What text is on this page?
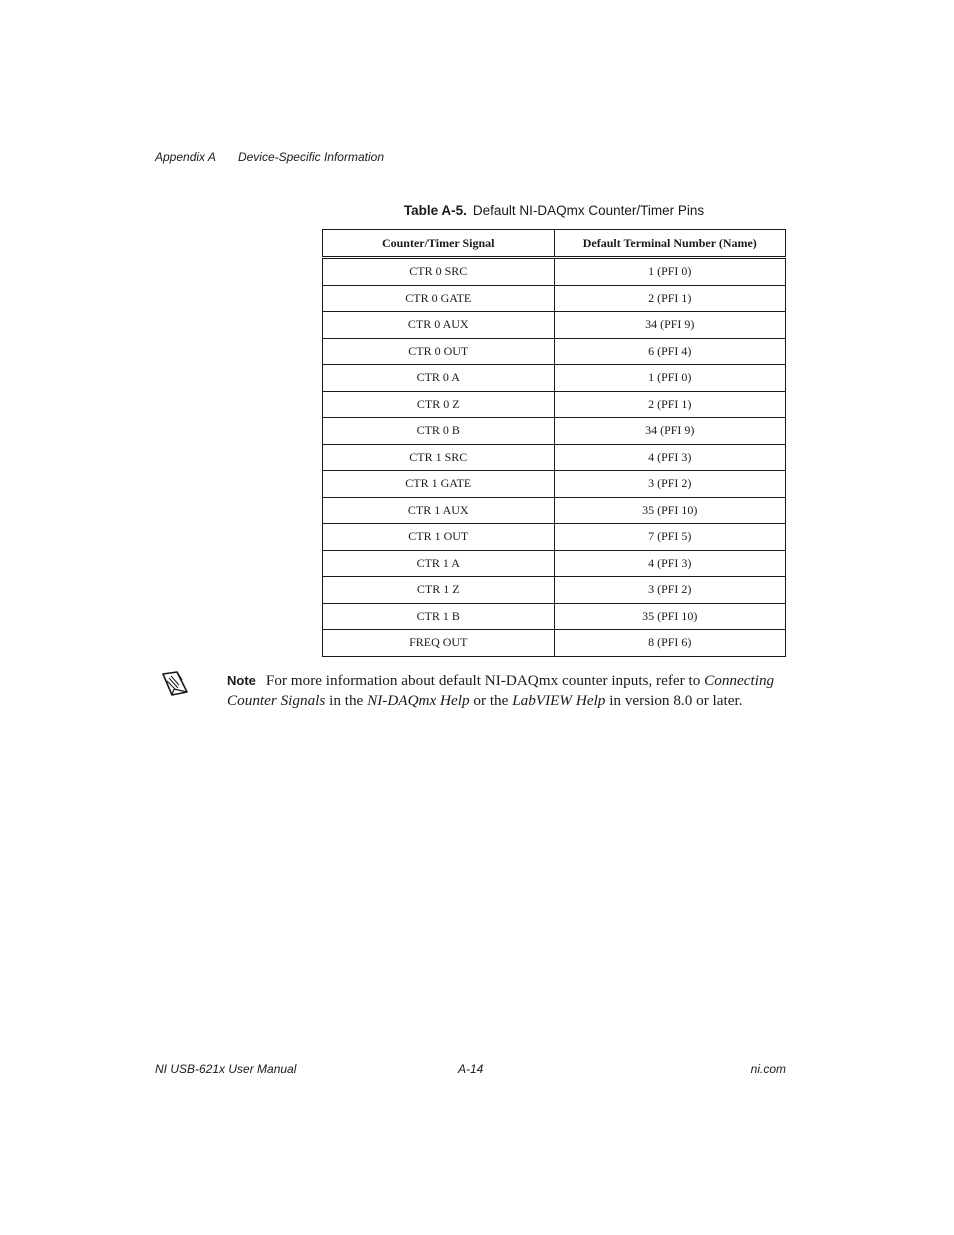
Appendix A Device-Specific Information
Table A-5. Default NI-DAQmx Counter/Timer Pins
Counter/Timer Signal	Default Terminal Number (Name)
CTR 0 SRC	1 (PFI 0)
CTR 0 GATE	2 (PFI 1)
CTR 0 AUX	34 (PFI 9)
CTR 0 OUT	6 (PFI 4)
CTR 0 A	1 (PFI 0)
CTR 0 Z	2 (PFI 1)
CTR 0 B	34 (PFI 9)
CTR 1 SRC	4 (PFI 3)
CTR 1 GATE	3 (PFI 2)
CTR 1 AUX	35 (PFI 10)
CTR 1 OUT	7 (PFI 5)
CTR 1 A	4 (PFI 3)
CTR 1 Z	3 (PFI 2)
CTR 1 B	35 (PFI 10)
FREQ OUT	8 (PFI 6)
Note For more information about default NI-DAQmx counter inputs, refer to Connecting Counter Signals in the NI-DAQmx Help or the LabVIEW Help in version 8.0 or later.
NI USB-621x User Manual	A-14	ni.com
